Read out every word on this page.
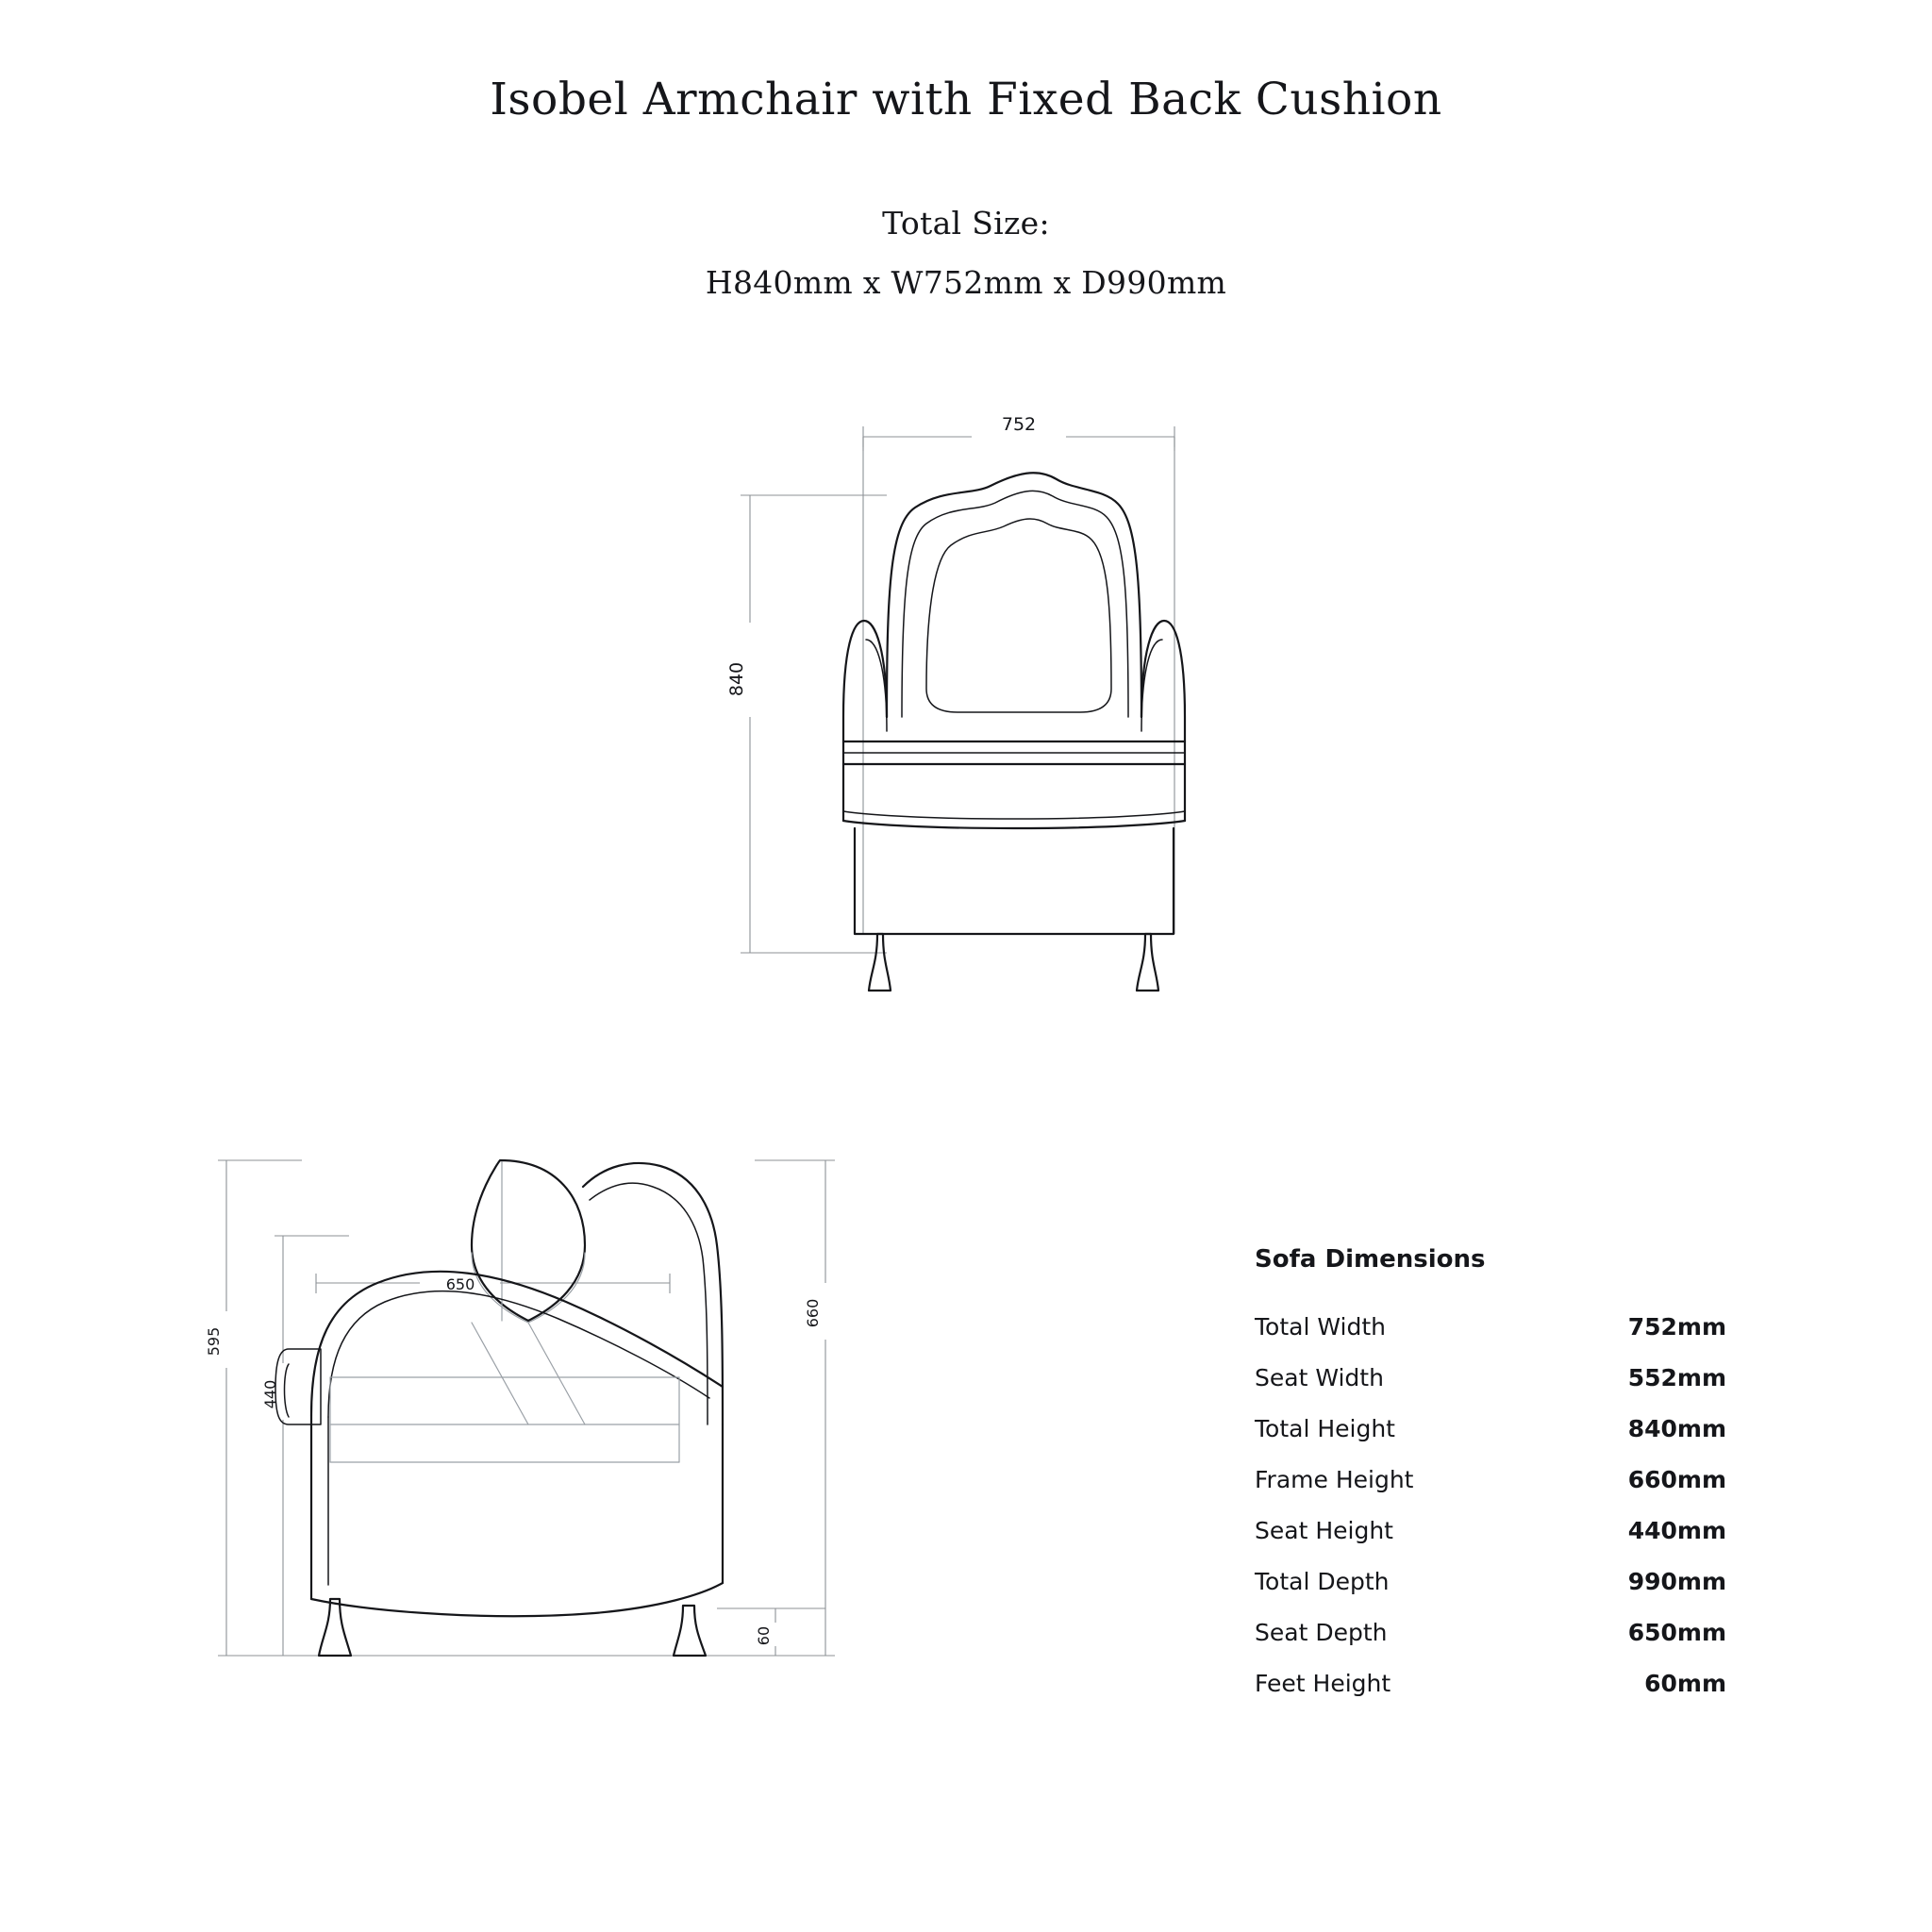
Isobel Armchair with Fixed Back Cushion
Total Size:
H840mm x W752mm x D990mm
752
840
595
440
650
660
60
Sofa Dimensions
Total Width	752mm
Seat Width	552mm
Total Height	840mm
Frame Height	660mm
Seat Height	440mm
Total Depth	990mm
Seat Depth	650mm
Feet Height	60mm
